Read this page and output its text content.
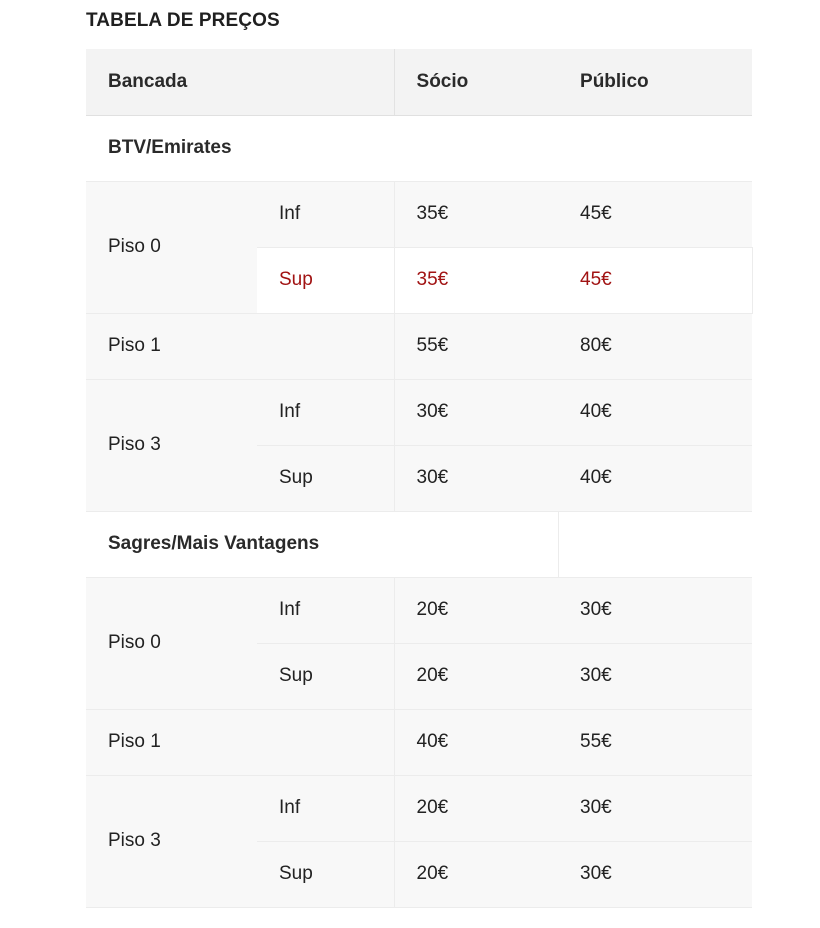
TABELA DE PREÇOS
Bancada		Sócio	Público
BTV/Emirates			
Piso 0	Inf	35€	45€
	Sup	35€	45€
Piso 1		55€	80€
Piso 3	Inf	30€	40€
	Sup	30€	40€
Sagres/Mais Vantagens			
Piso 0	Inf	20€	30€
	Sup	20€	30€
Piso 1		40€	55€
Piso 3	Inf	20€	30€
	Sup	20€	30€
